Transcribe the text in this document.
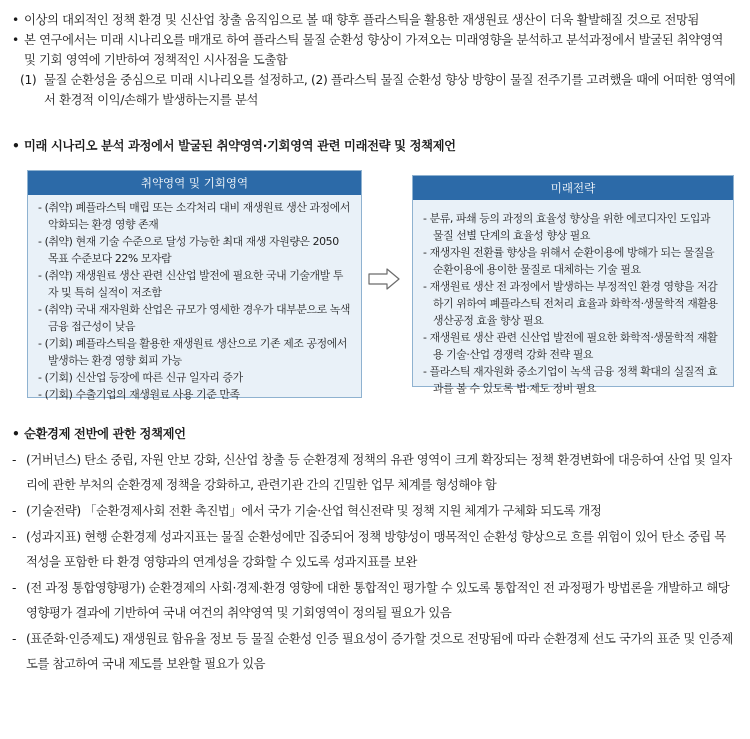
• 이상의 대외적인 정책 환경 및 신산업 창출 움직임으로 볼 때 향후 플라스틱을 활용한 재생원료 생산이 더욱 활발해질 것으로 전망됨
• 본 연구에서는 미래 시나리오를 매개로 하여 플라스틱 물질 순환성 향상이 가져오는 미래영향을 분석하고 분석과정에서 발굴된 취약영역 및 기회 영역에 기반하여 정책적인 시사점을 도출함
(1) 물질 순환성을 중심으로 미래 시나리오를 설정하고, (2) 플라스틱 물질 순환성 향상 방향이 물질 전주기를 고려했을 때에 어떠한 영역에서 환경적 이익/손해가 발생하는지를 분석
• 미래 시나리오 분석 과정에서 발굴된 취약영역·기회영역 관련 미래전략 및 정책제언
취약영역 및 기회영역
- (취약) 폐플라스틱 매립 또는 소각처리 대비 재생원료 생산 과정에서 악화되는 환경 영향 존재
- (취약) 현재 기술 수준으로 달성 가능한 최대 재생 자원량은 2050 목표 수준보다 22% 모자람
- (취약) 재생원료 생산 관련 신산업 발전에 필요한 국내 기술개발 투자 및 특허 실적이 저조함
- (취약) 국내 재자원화 산업은 규모가 영세한 경우가 대부분으로 녹색금융 접근성이 낮음
- (기회) 폐플라스틱을 활용한 재생원료 생산으로 기존 제조 공정에서 발생하는 환경 영향 회피 가능
- (기회) 신산업 등장에 따른 신규 일자리 증가
- (기회) 수출기업의 재생원료 사용 기준 만족
미래전략
- 분류, 파쇄 등의 과정의 효율성 향상을 위한 에코디자인 도입과 물질 선별 단계의 효율성 향상 필요
- 재생자원 전환률 향상을 위해서 순환이용에 방해가 되는 물질을 순환이용에 용이한 물질로 대체하는 기술 필요
- 재생원료 생산 전 과정에서 발생하는 부정적인 환경 영향을 저감하기 위하여 폐플라스틱 전처리 효율과 화학적·생물학적 재활용 생산공정 효율 향상 필요
- 재생원료 생산 관련 신산업 발전에 필요한 화학적·생물학적 재활용 기술·산업 경쟁력 강화 전략 필요
- 플라스틱 재자원화 중소기업이 녹색 금융 정책 확대의 실질적 효과를 볼 수 있도록 법·제도 정비 필요
• 순환경제 전반에 관한 정책제언
- (거버넌스) 탄소 중립, 자원 안보 강화, 신산업 창출 등 순환경제 정책의 유관 영역이 크게 확장되는 정책 환경변화에 대응하여 산업 및 일자리에 관한 부처의 순환경제 정책을 강화하고, 관련기관 간의 긴밀한 업무 체계를 형성해야 함
- (기술전략) 「순환경제사회 전환 촉진법」에서 국가 기술·산업 혁신전략 및 정책 지원 체계가 구체화 되도록 개정
- (성과지표) 현행 순환경제 성과지표는 물질 순환성에만 집중되어 정책 방향성이 맹목적인 순환성 향상으로 흐를 위험이 있어 탄소 중립 목적성을 포함한 타 환경 영향과의 연계성을 강화할 수 있도록 성과지표를 보완
- (전 과정 통합영향평가) 순환경제의 사회·경제·환경 영향에 대한 통합적인 평가할 수 있도록 통합적인 전 과정평가 방법론을 개발하고 해당 영향평가 결과에 기반하여 국내 여건의 취약영역 및 기회영역이 정의될 필요가 있음
- (표준화·인증제도) 재생원료 함유율 정보 등 물질 순환성 인증 필요성이 증가할 것으로 전망됨에 따라 순환경제 선도 국가의 표준 및 인증제도를 참고하여 국내 제도를 보완할 필요가 있음
